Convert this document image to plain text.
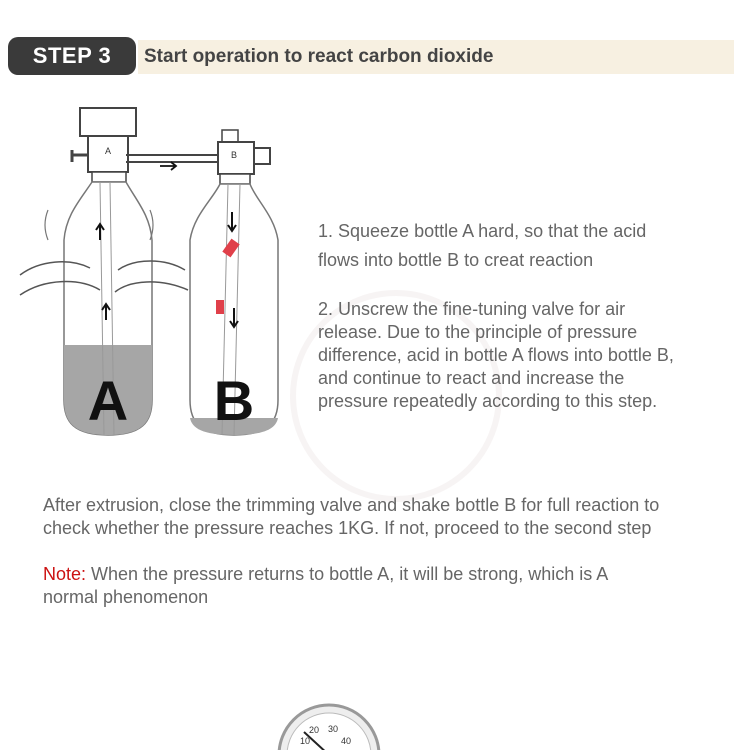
STEP 3	Start operation to react carbon dioxide
A
A
B
B
1. Squeeze bottle A hard, so that the acid
flows into bottle B to creat reaction
2. Unscrew the fine-tuning valve for air
release. Due to the principle of pressure
difference, acid in bottle A flows into bottle B,
and continue to react and increase the
pressure repeatedly according to this step.
After extrusion, close the trimming valve and shake bottle B for full reaction to
check whether the pressure reaches 1KG. If not, proceed to the second step
Note: When the pressure returns to bottle A, it will be strong, which is A
normal phenomenon
10
20 30
40
